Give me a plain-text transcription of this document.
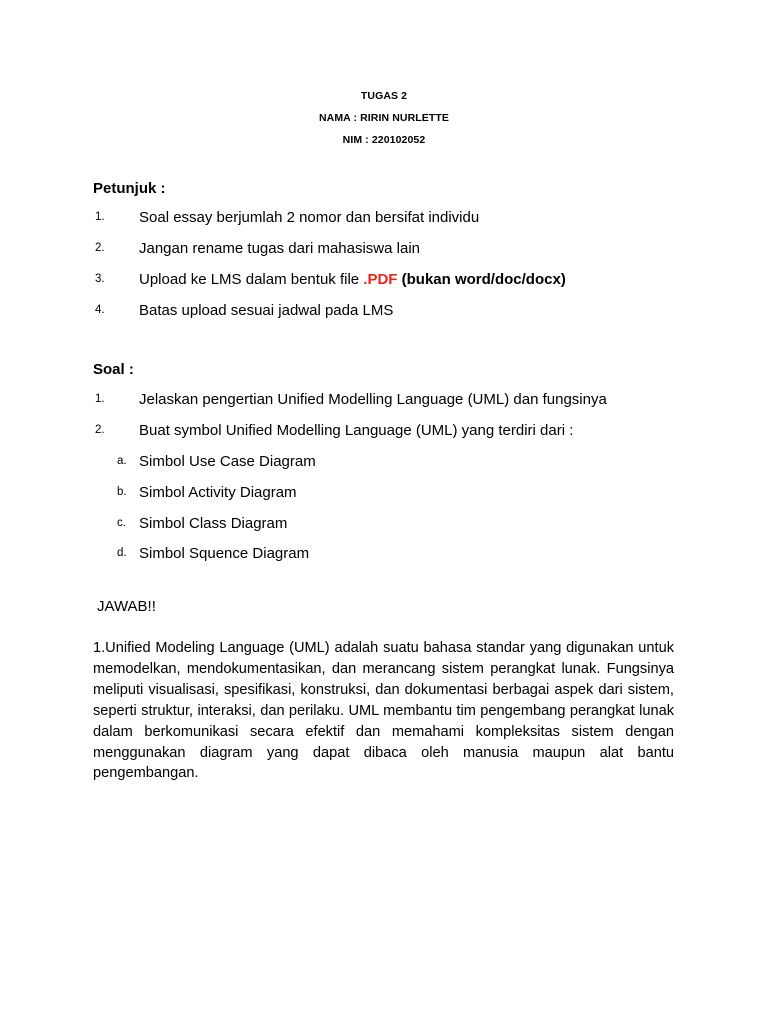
TUGAS 2
NAMA : RIRIN NURLETTE
NIM : 220102052
Petunjuk :
1. Soal essay berjumlah 2 nomor dan bersifat individu
2. Jangan rename tugas dari mahasiswa lain
3. Upload ke LMS dalam bentuk file .PDF (bukan word/doc/docx)
4. Batas upload sesuai jadwal pada LMS
Soal :
1. Jelaskan pengertian Unified Modelling Language (UML) dan fungsinya
2. Buat symbol Unified Modelling Language (UML) yang terdiri dari :
a. Simbol Use Case Diagram
b. Simbol Activity Diagram
c. Simbol Class Diagram
d. Simbol Squence Diagram
JAWAB!!

1.Unified Modeling Language (UML) adalah suatu bahasa standar yang digunakan untuk memodelkan, mendokumentasikan, dan merancang sistem perangkat lunak. Fungsinya meliputi visualisasi, spesifikasi, konstruksi, dan dokumentasi berbagai aspek dari sistem, seperti struktur, interaksi, dan perilaku. UML membantu tim pengembang perangkat lunak dalam berkomunikasi secara efektif dan memahami kompleksitas sistem dengan menggunakan diagram yang dapat dibaca oleh manusia maupun alat bantu pengembangan.
